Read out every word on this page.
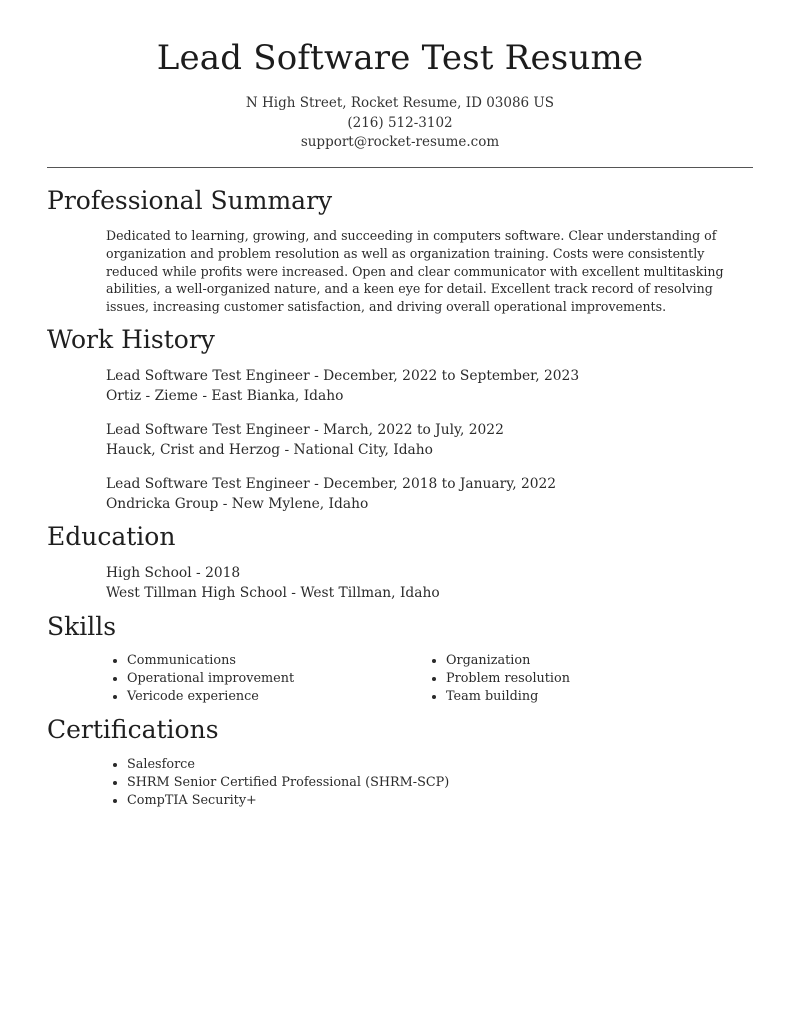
Lead Software Test Resume
N High Street, Rocket Resume, ID 03086 US
(216) 512-3102
support@rocket-resume.com
Professional Summary
Dedicated to learning, growing, and succeeding in computers software. Clear understanding of organization and problem resolution as well as organization training. Costs were consistently reduced while profits were increased. Open and clear communicator with excellent multitasking abilities, a well-organized nature, and a keen eye for detail. Excellent track record of resolving issues, increasing customer satisfaction, and driving overall operational improvements.
Work History
Lead Software Test Engineer - December, 2022 to September, 2023
Ortiz - Zieme - East Bianka, Idaho
Lead Software Test Engineer - March, 2022 to July, 2022
Hauck, Crist and Herzog - National City, Idaho
Lead Software Test Engineer - December, 2018 to January, 2022
Ondricka Group - New Mylene, Idaho
Education
High School - 2018
West Tillman High School - West Tillman, Idaho
Skills
• Communications
• Operational improvement
• Vericode experience
• Organization
• Problem resolution
• Team building
Certifications
• Salesforce
• SHRM Senior Certified Professional (SHRM-SCP)
• CompTIA Security+
